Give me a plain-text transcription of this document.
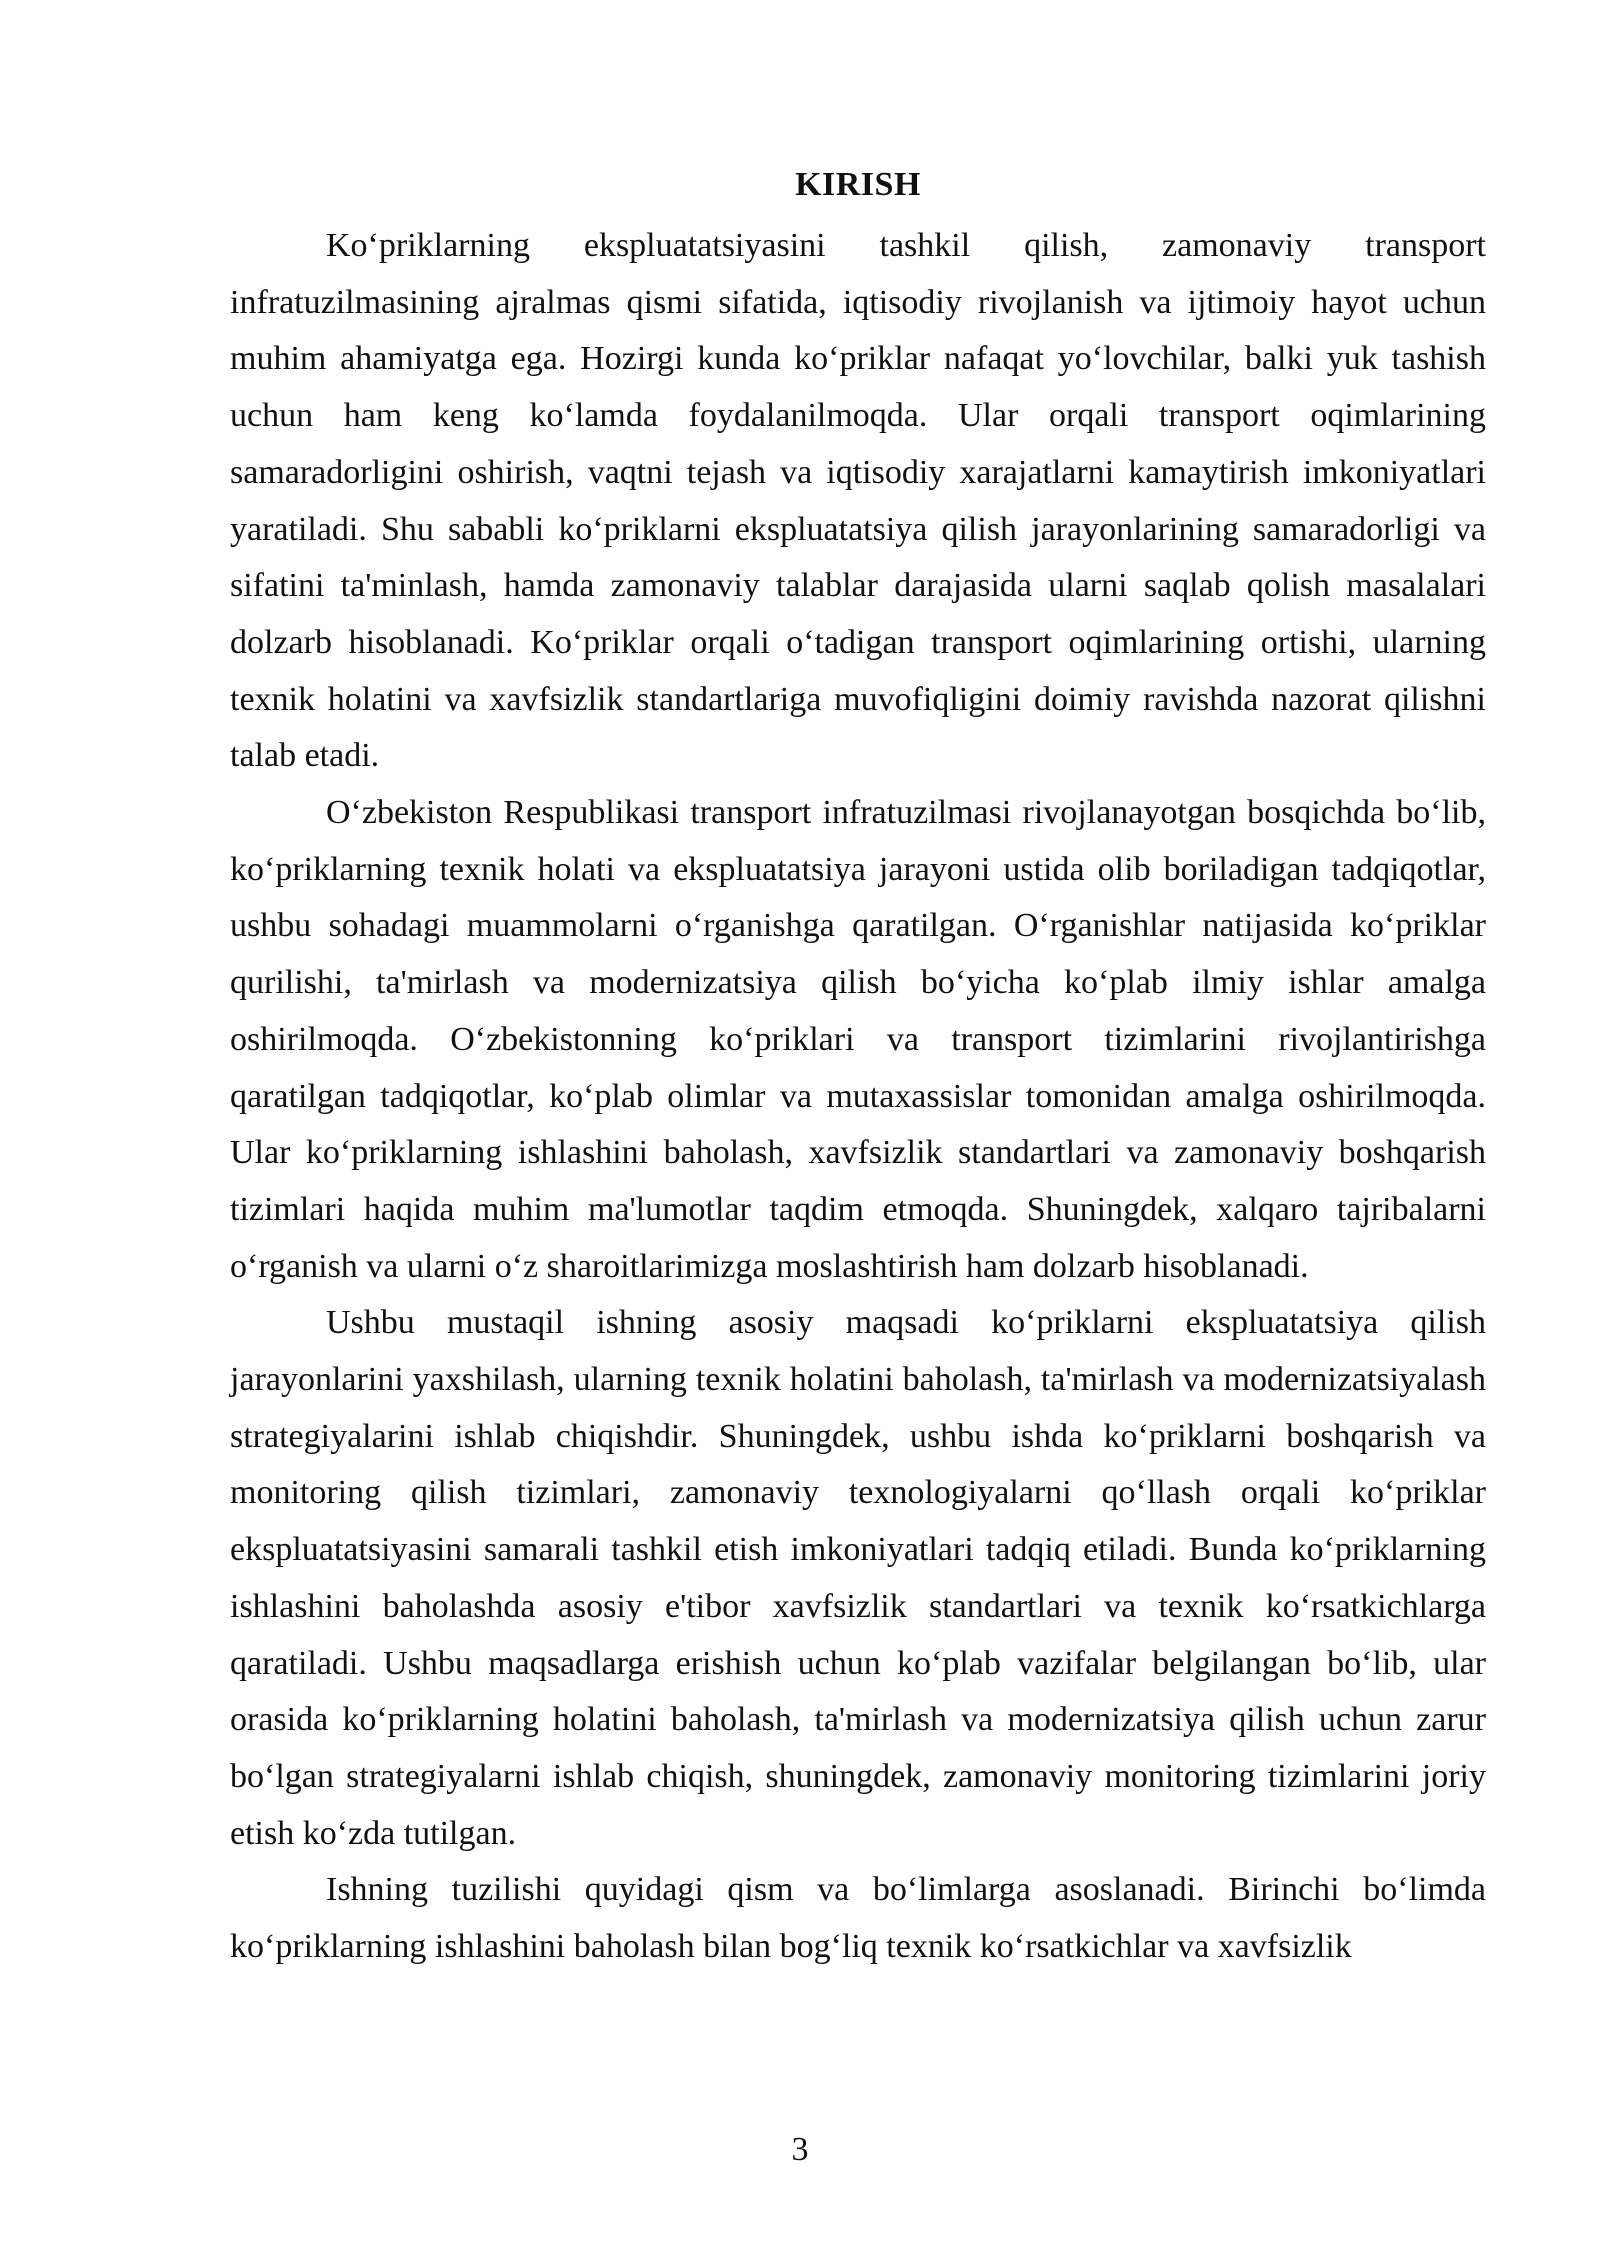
KIRISH

Ko‘priklarning ekspluatatsiyasini tashkil qilish, zamonaviy transport infratuzilmasining ajralmas qismi sifatida, iqtisodiy rivojlanish va ijtimoiy hayot uchun muhim ahamiyatga ega. Hozirgi kunda ko‘priklar nafaqat yo‘lovchilar, balki yuk tashish uchun ham keng ko‘lamda foydalanilmoqda. Ular orqali transport oqimlarining samaradorligini oshirish, vaqtni tejash va iqtisodiy xarajatlarni kamaytirish imkoniyatlari yaratiladi. Shu sababli ko‘priklarni ekspluatatsiya qilish jarayonlarining samaradorligi va sifatini ta'minlash, hamda zamonaviy talablar darajasida ularni saqlab qolish masalalari dolzarb hisoblanadi. Ko‘priklar orqali o‘tadigan transport oqimlarining ortishi, ularning texnik holatini va xavfsizlik standartlariga muvofiqligini doimiy ravishda nazorat qilishni talab etadi.

O‘zbekiston Respublikasi transport infratuzilmasi rivojlanayotgan bosqichda bo‘lib, ko‘priklarning texnik holati va ekspluatatsiya jarayoni ustida olib boriladigan tadqiqotlar, ushbu sohadagi muammolarni o‘rganishga qaratilgan. O‘rganishlar natijasida ko‘priklar qurilishi, ta'mirlash va modernizatsiya qilish bo‘yicha ko‘plab ilmiy ishlar amalga oshirilmoqda. O‘zbekistonning ko‘priklari va transport tizimlarini rivojlantirishga qaratilgan tadqiqotlar, ko‘plab olimlar va mutaxassislar tomonidan amalga oshirilmoqda. Ular ko‘priklarning ishlashini baholash, xavfsizlik standartlari va zamonaviy boshqarish tizimlari haqida muhim ma'lumotlar taqdim etmoqda. Shuningdek, xalqaro tajribalarni o‘rganish va ularni o‘z sharoitlarimizga moslashtirish ham dolzarb hisoblanadi.

Ushbu mustaqil ishning asosiy maqsadi ko‘priklarni ekspluatatsiya qilish jarayonlarini yaxshilash, ularning texnik holatini baholash, ta'mirlash va modernizatsiyalash strategiyalarini ishlab chiqishdir. Shuningdek, ushbu ishda ko‘priklarni boshqarish va monitoring qilish tizimlari, zamonaviy texnologiyalarni qo‘llash orqali ko‘priklar ekspluatatsiyasini samarali tashkil etish imkoniyatlari tadqiq etiladi. Bunda ko‘priklarning ishlashini baholashda asosiy e'tibor xavfsizlik standartlari va texnik ko‘rsatkichlarga qaratiladi. Ushbu maqsadlarga erishish uchun ko‘plab vazifalar belgilangan bo‘lib, ular orasida ko‘priklarning holatini baholash, ta'mirlash va modernizatsiya qilish uchun zarur bo‘lgan strategiyalarni ishlab chiqish, shuningdek, zamonaviy monitoring tizimlarini joriy etish ko‘zda tutilgan.

Ishning tuzilishi quyidagi qism va bo‘limlarga asoslanadi. Birinchi bo‘limda ko‘priklarning ishlashini baholash bilan bog‘liq texnik ko‘rsatkichlar va xavfsizlik

3
